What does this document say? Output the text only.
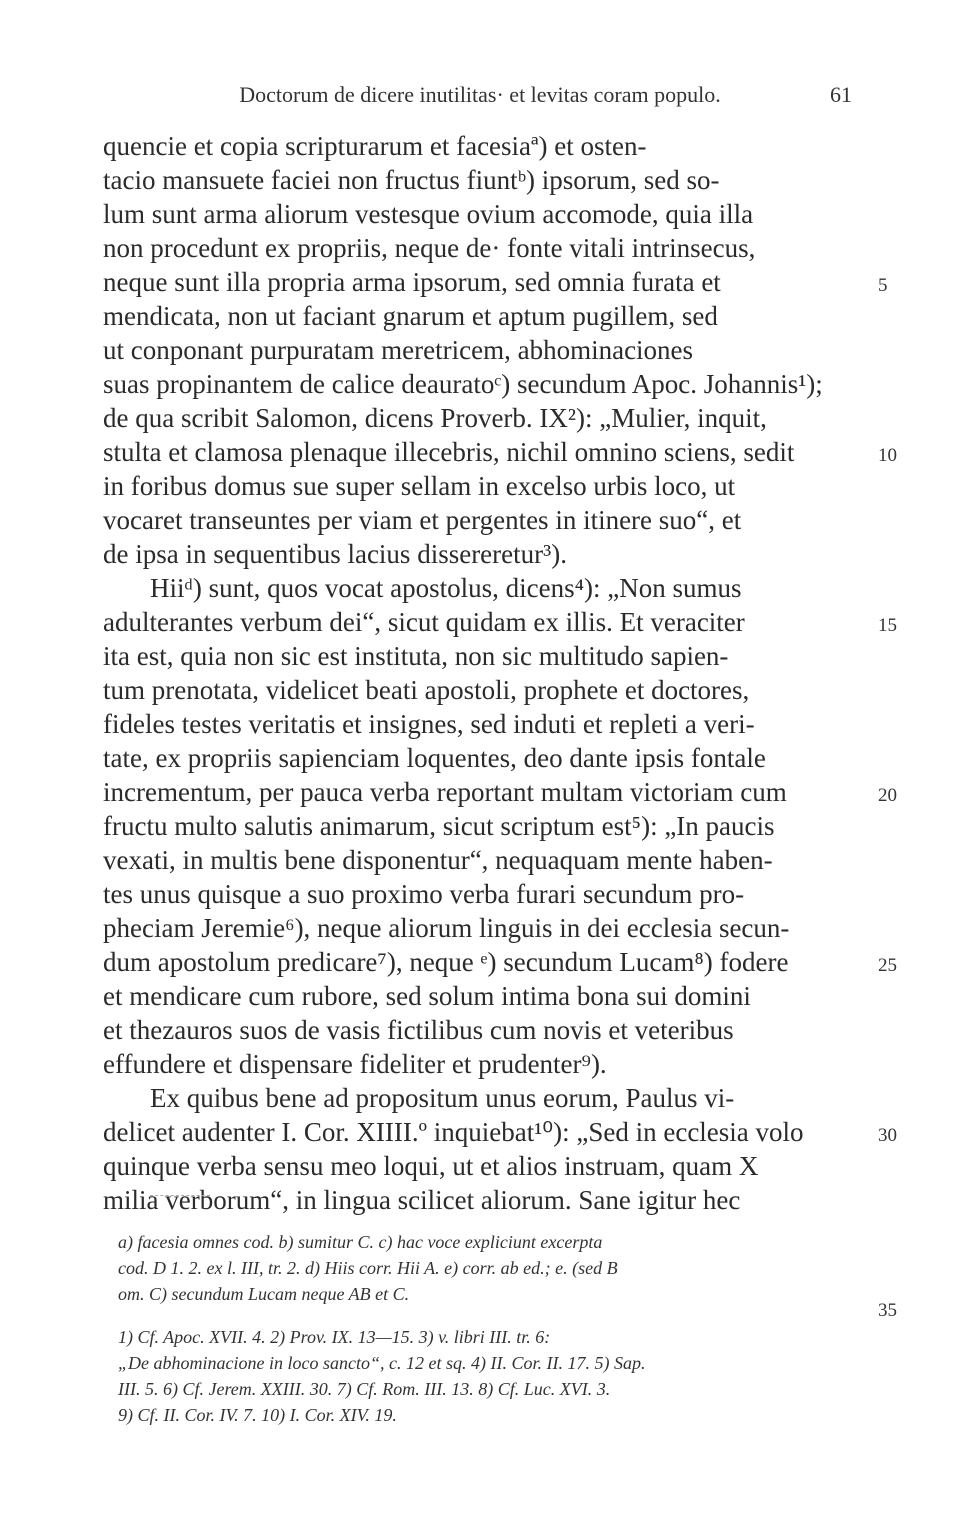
Doctorum de dicere inutilitas· et levitas coram populo.	61
quencie et copia scripturarum et facesiaª) et osten-
tacio mansuete faciei non fructus fiuntᵇ) ipsorum, sed so-
lum sunt arma aliorum vestesque ovium accomode, quia illa
non procedunt ex propriis, neque de· fonte vitali intrinsecus,
neque sunt illa propria arma ipsorum, sed omnia furata et
mendicata, non ut faciant gnarum et aptum pugillem, sed
ut conponant purpuratam meretricem, abhominaciones
suas propinantem de calice deauratoᶜ) secundum Apoc. Johannis¹);
de qua scribit Salomon, dicens Proverb. IX²): „Mulier, inquit,
stulta et clamosa plenaque illecebris, nichil omnino sciens, sedit
in foribus domus sue super sellam in excelso urbis loco, ut
vocaret transeuntes per viam et pergentes in itinere suo“, et
de ipsa in sequentibus lacius dissereretur³).
Hiiᵈ) sunt, quos vocat apostolus, dicens⁴): „Non sumus
adulterantes verbum dei“, sicut quidam ex illis. Et veraciter
ita est, quia non sic est instituta, non sic multitudo sapien-
tum prenotata, videlicet beati apostoli, prophete et doctores,
fideles testes veritatis et insignes, sed induti et repleti a veri-
tate, ex propriis sapienciam loquentes, deo dante ipsis fontale
incrementum, per pauca verba reportant multam victoriam cum
fructu multo salutis animarum, sicut scriptum est⁵): „In paucis
vexati, in multis bene disponentur“, nequaquam mente haben-
tes unus quisque a suo proximo verba furari secundum pro-
pheciam Jeremie⁶), neque aliorum linguis in dei ecclesia secun-
dum apostolum predicare⁷), neque ᵉ) secundum Lucam⁸) fodere
et mendicare cum rubore, sed solum intima bona sui domini
et thezauros suos de vasis fictilibus cum novis et veteribus
effundere et dispensare fideliter et prudenter⁹).
Ex quibus bene ad propositum unus eorum, Paulus vi-
delicet audenter I. Cor. XIIII.º inquiebat¹⁰): „Sed in ecclesia volo
quinque verba sensu meo loqui, ut et alios instruam, quam X
milia verborum“, in lingua scilicet aliorum. Sane igitur hec
5
10
15
20
25
30
35
a) facesia omnes cod. b) sumitur C. c) hac voce expliciunt excerpta
cod. D 1. 2. ex l. III, tr. 2. d) Hiis corr. Hii A. e) corr. ab ed.; e. (sed B
om. C) secundum Lucam neque AB et C.
1) Cf. Apoc. XVII. 4. 2) Prov. IX. 13—15. 3) v. libri III. tr. 6:
„De abhominacione in loco sancto“, c. 12 et sq. 4) II. Cor. II. 17. 5) Sap.
III. 5. 6) Cf. Jerem. XXIII. 30. 7) Cf. Rom. III. 13. 8) Cf. Luc. XVI. 3.
9) Cf. II. Cor. IV. 7. 10) I. Cor. XIV. 19.
